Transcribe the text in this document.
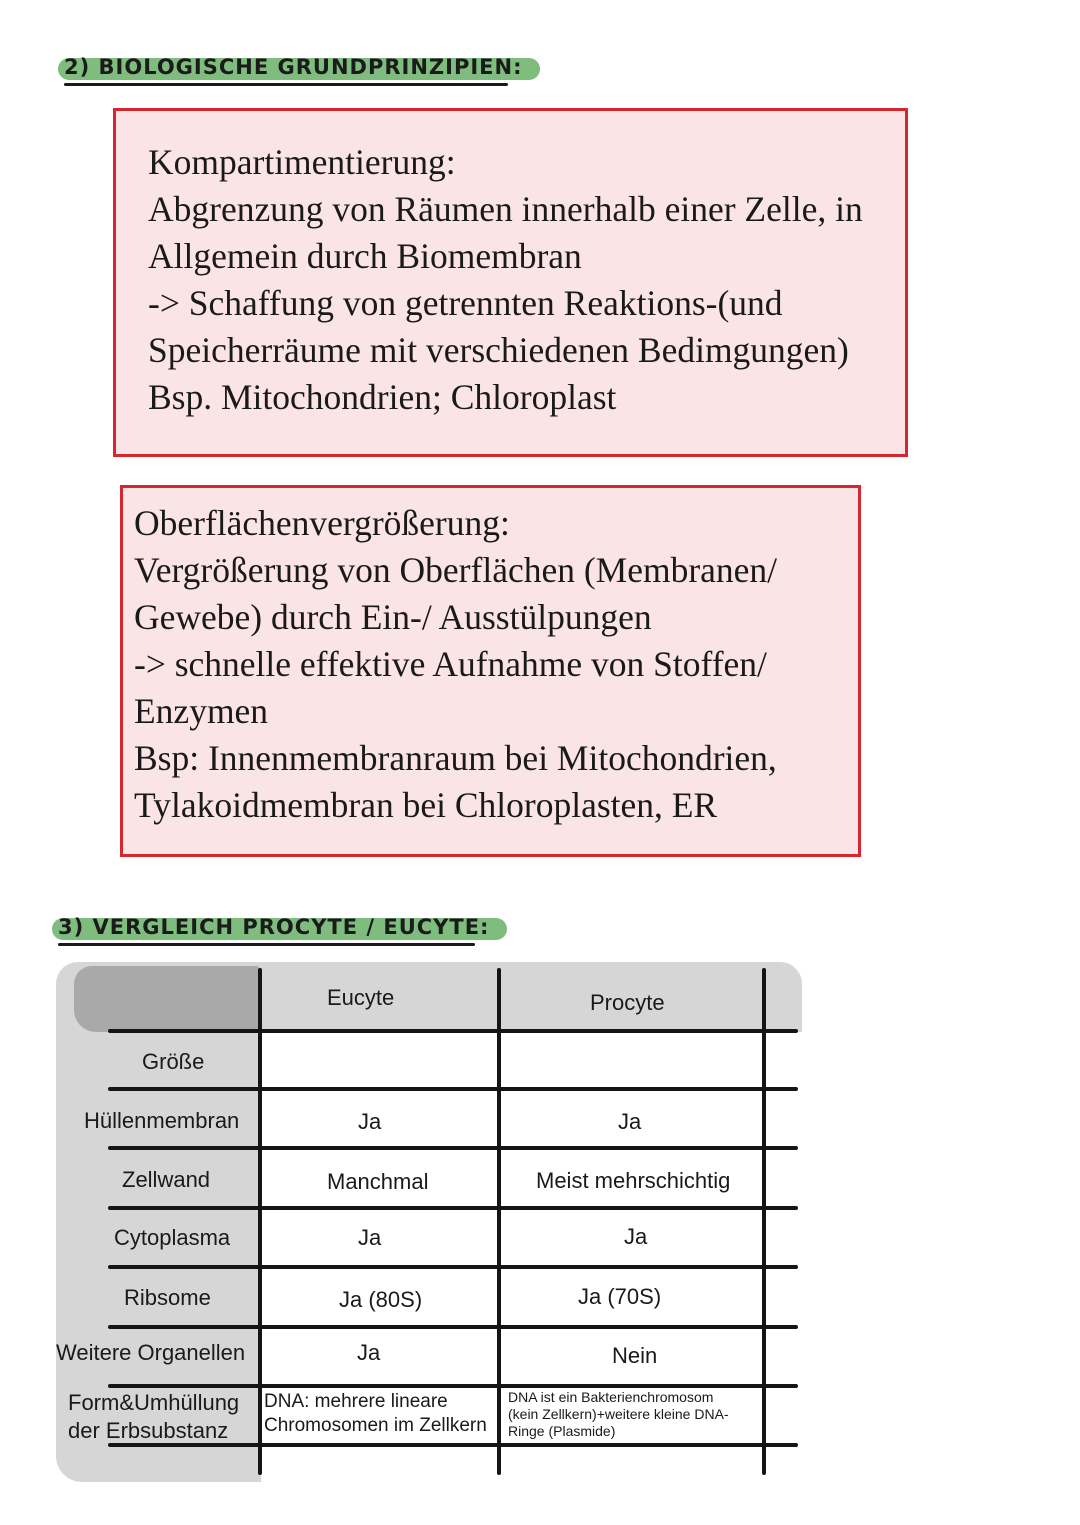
2) BIOLOGISCHE GRUNDPRINZIPIEN:

Kompartimentierung:

Abgrenzung von Räumen innerhalb einer Zelle, in

Allgemein durch Biomembran

-> Schaffung von getrennten Reaktions-(und

Speicherräume mit verschiedenen Bedimgungen)

Bsp. Mitochondrien; Chloroplast

Oberflächenvergrößerung:

Vergrößerung von Oberflächen (Membranen/

Gewebe) durch Ein-/ Ausstülpungen

-> schnelle effektive Aufnahme von Stoffen/

Enzymen

Bsp: Innenmembranraum bei Mitochondrien,

Tylakoidmembran bei Chloroplasten, ER

3) VERGLEICH PROCYTE / EUCYTE:
Eucyte	Procyte
Größe
Hüllenmembran
Zellwand
Cytoplasma
Ribsome
Weitere Organellen
Form&Umhüllung
der Erbsubstanz
Ja
Manchmal
Ja
Ja (80S)
Ja
DNA: mehrere lineare
Chromosomen im Zellkern
Ja
Meist mehrschichtig
Ja
Ja (70S)
Nein
DNA ist ein Bakterienchromosom
(kein Zellkern)+weitere kleine DNA-
Ringe (Plasmide)
